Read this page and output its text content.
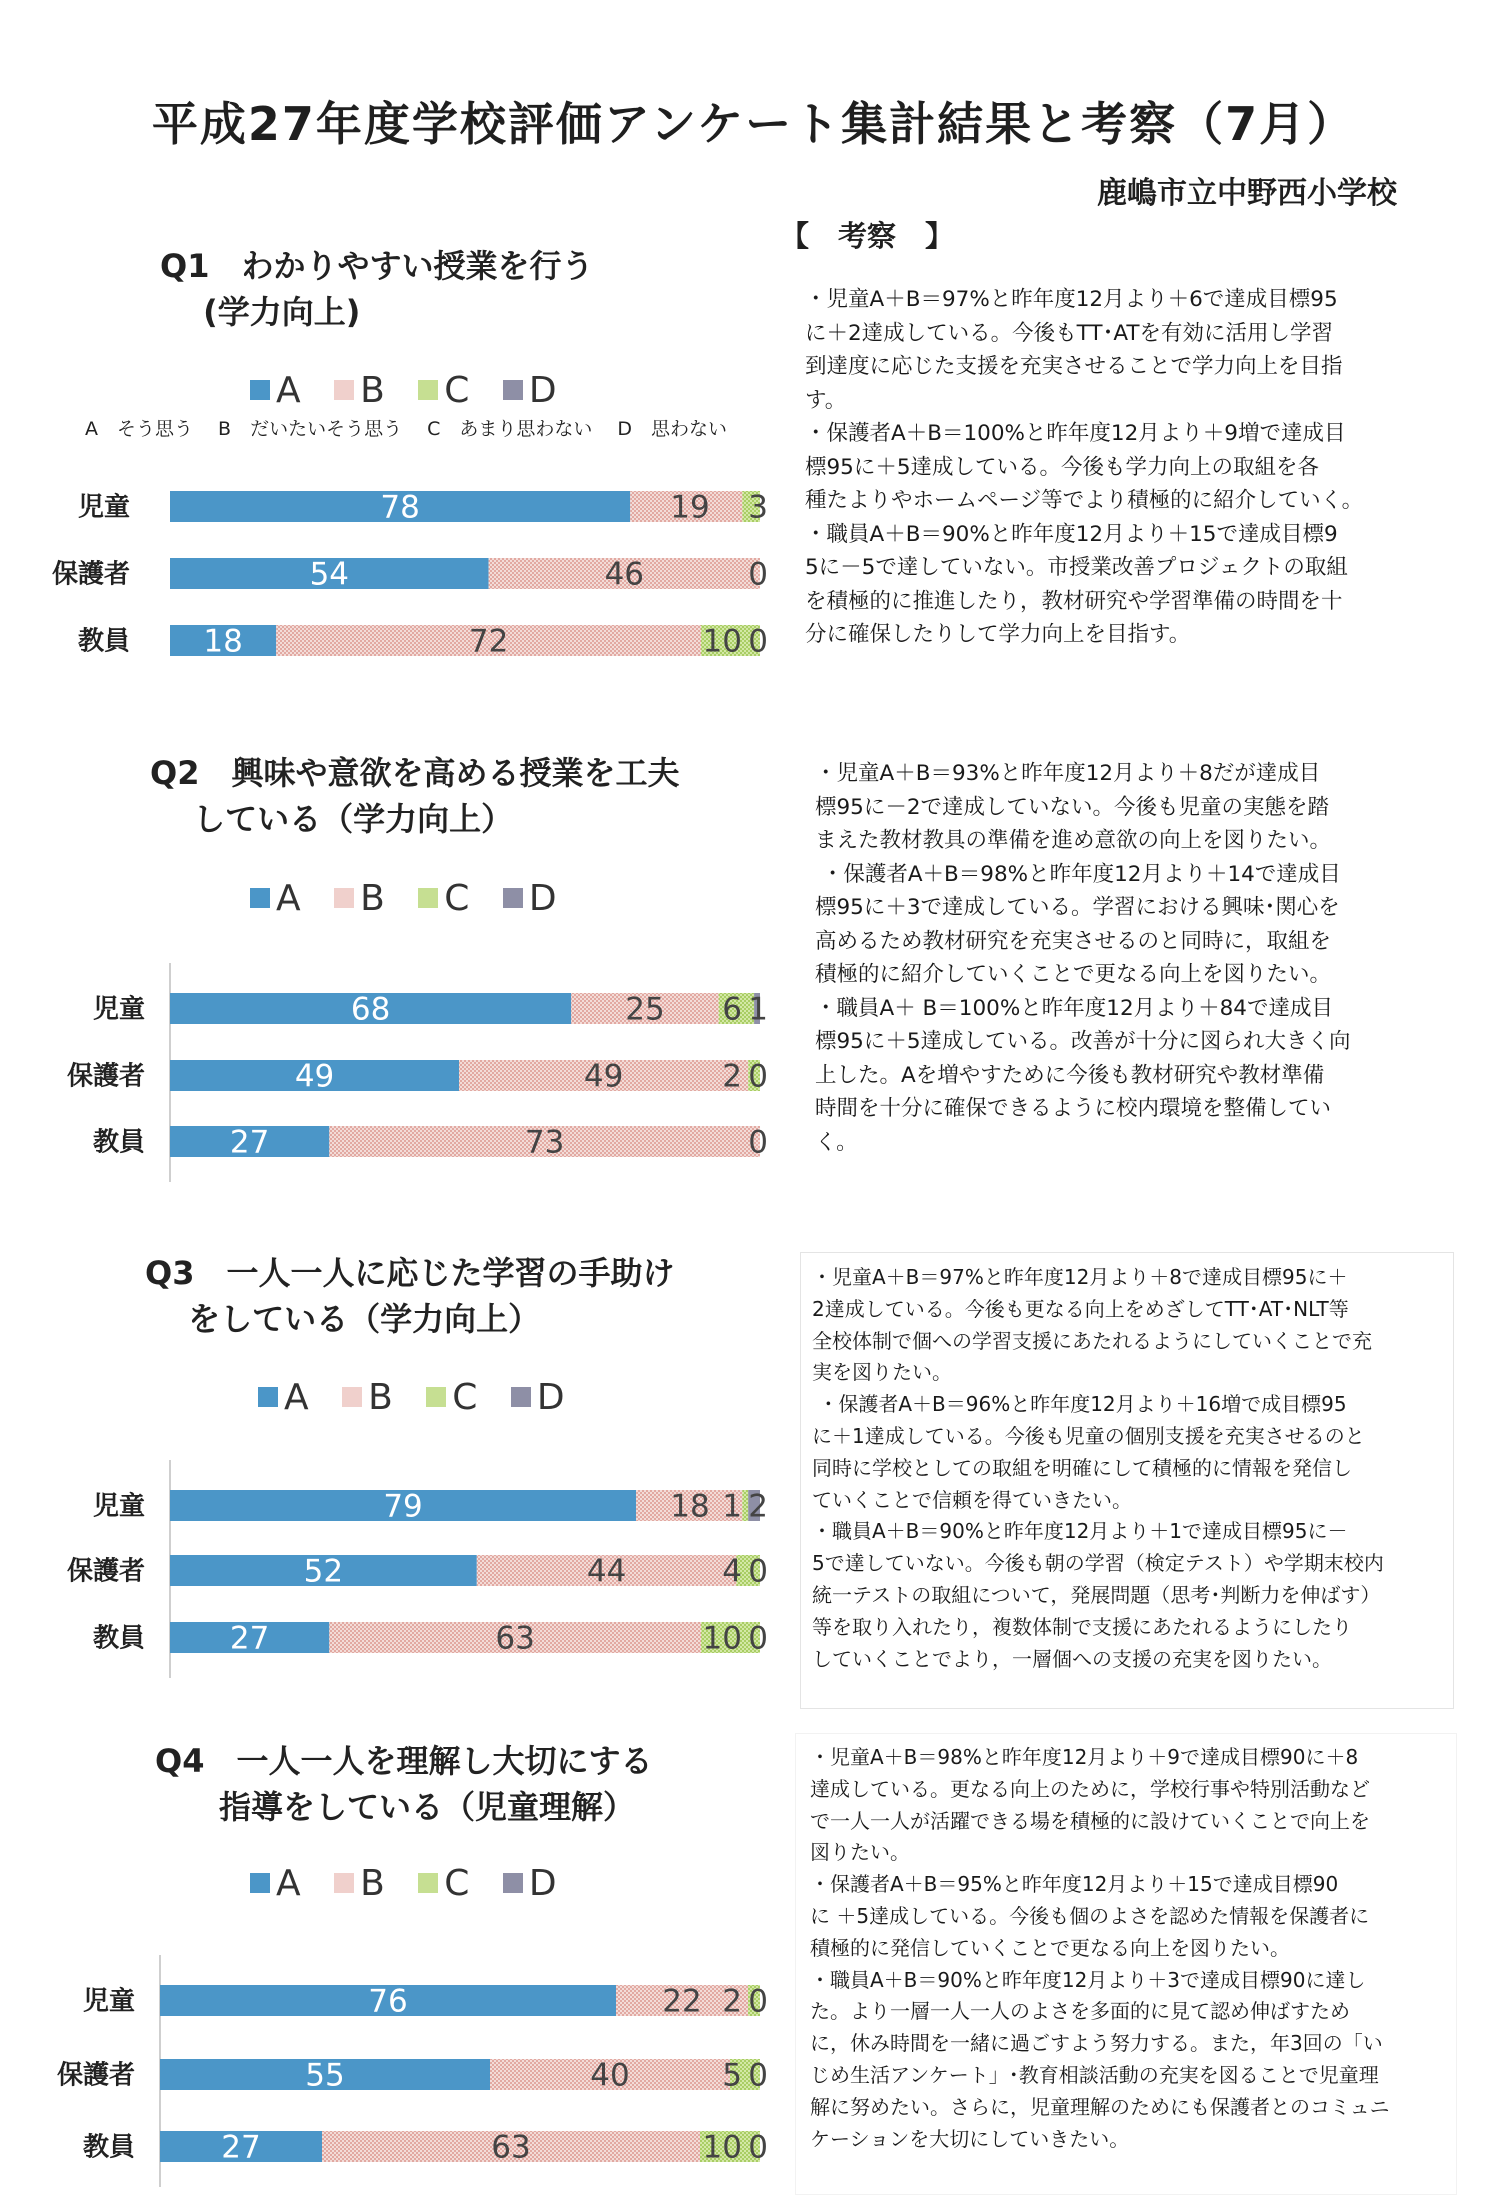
平成27年度学校評価アンケート集計結果と考察（7月）
鹿嶋市立中野西小学校
【　考察　】
Q1　わかりやすい授業を行う
　 (学力向上)
A B C D
A　そう思う　 B　だいたいそう思う　 C　あまり思わない　 D　思わない
・児童A＋B＝97%と昨年度12月より＋6で達成目標95
に＋2達成している。今後もTT･ATを有効に活用し学習
到達度に応じた支援を充実させることで学力向上を目指
す。
・保護者A＋B＝100%と昨年度12月より＋9増で達成目
標95に＋5達成している。今後も学力向上の取組を各
種たよりやホームページ等でより積極的に紹介していく。
・職員A＋B＝90%と昨年度12月より＋15で達成目標9
5に－5で達していない。市授業改善プロジェクトの取組
を積極的に推進したり，教材研究や学習準備の時間を十
分に確保したりして学力向上を目指す。
Q2　興味や意欲を高める授業を工夫
　 している（学力向上）
A B C D
・児童A＋B＝93%と昨年度12月より＋8だが達成目
標95に－2で達成していない。今後も児童の実態を踏
まえた教材教具の準備を進め意欲の向上を図りたい。
・保護者A＋B＝98%と昨年度12月より＋14で達成目
標95に＋3で達成している。学習における興味･関心を
高めるため教材研究を充実させるのと同時に，取組を
積極的に紹介していくことで更なる向上を図りたい。
・職員A＋ B＝100%と昨年度12月より＋84で達成目
標95に＋5達成している。改善が十分に図られ大きく向
上した。Aを増やすために今後も教材研究や教材準備
時間を十分に確保できるように校内環境を整備してい
く。
Q3　一人一人に応じた学習の手助け
　 をしている（学力向上）
A B C D
・児童A＋B＝97%と昨年度12月より＋8で達成目標95に＋
2達成している。今後も更なる向上をめざしてTT･AT･NLT等
全校体制で個への学習支援にあたれるようにしていくことで充
実を図りたい。
・保護者A＋B＝96%と昨年度12月より＋16増で成目標95
に＋1達成している。今後も児童の個別支援を充実させるのと
同時に学校としての取組を明確にして積極的に情報を発信し
ていくことで信頼を得ていきたい。
・職員A＋B＝90%と昨年度12月より＋1で達成目標95に－
5で達していない。今後も朝の学習（検定テスト）や学期末校内
統一テストの取組について，発展問題（思考･判断力を伸ばす）
等を取り入れたり，複数体制で支援にあたれるようにしたり
していくことでより，一層個への支援の充実を図りたい。
Q4　一人一人を理解し大切にする
　　指導をしている（児童理解）
A B C D
・児童A＋B＝98%と昨年度12月より＋9で達成目標90に＋8
達成している。更なる向上のために，学校行事や特別活動など
で一人一人が活躍できる場を積極的に設けていくことで向上を
図りたい。
・保護者A＋B＝95%と昨年度12月より＋15で達成目標90
に ＋5達成している。今後も個のよさを認めた情報を保護者に
積極的に発信していくことで更なる向上を図りたい。
・職員A＋B＝90%と昨年度12月より＋3で達成目標90に達し
た。より一層一人一人のよさを多面的に見て認め伸ばすため
に，休み時間を一緒に過ごすよう努力する。また，年3回の「い
じめ生活アンケート」･教育相談活動の充実を図ることで児童理
解に努めたい。さらに，児童理解のためにも保護者とのコミュニ
ケーションを大切にしていきたい。
児童	78	19 3
保護者	54	46	0
教員 18	72	10 0
児童	68	25 6 1
保護者	49	49	2 0
教員	27	73	0
児童	79	18 1 2
保護者	52	44	4 0
教員	27	63	10 0
児童	76	22 2 0
保護者	55	40	5 0
教員	27	63	10 0
